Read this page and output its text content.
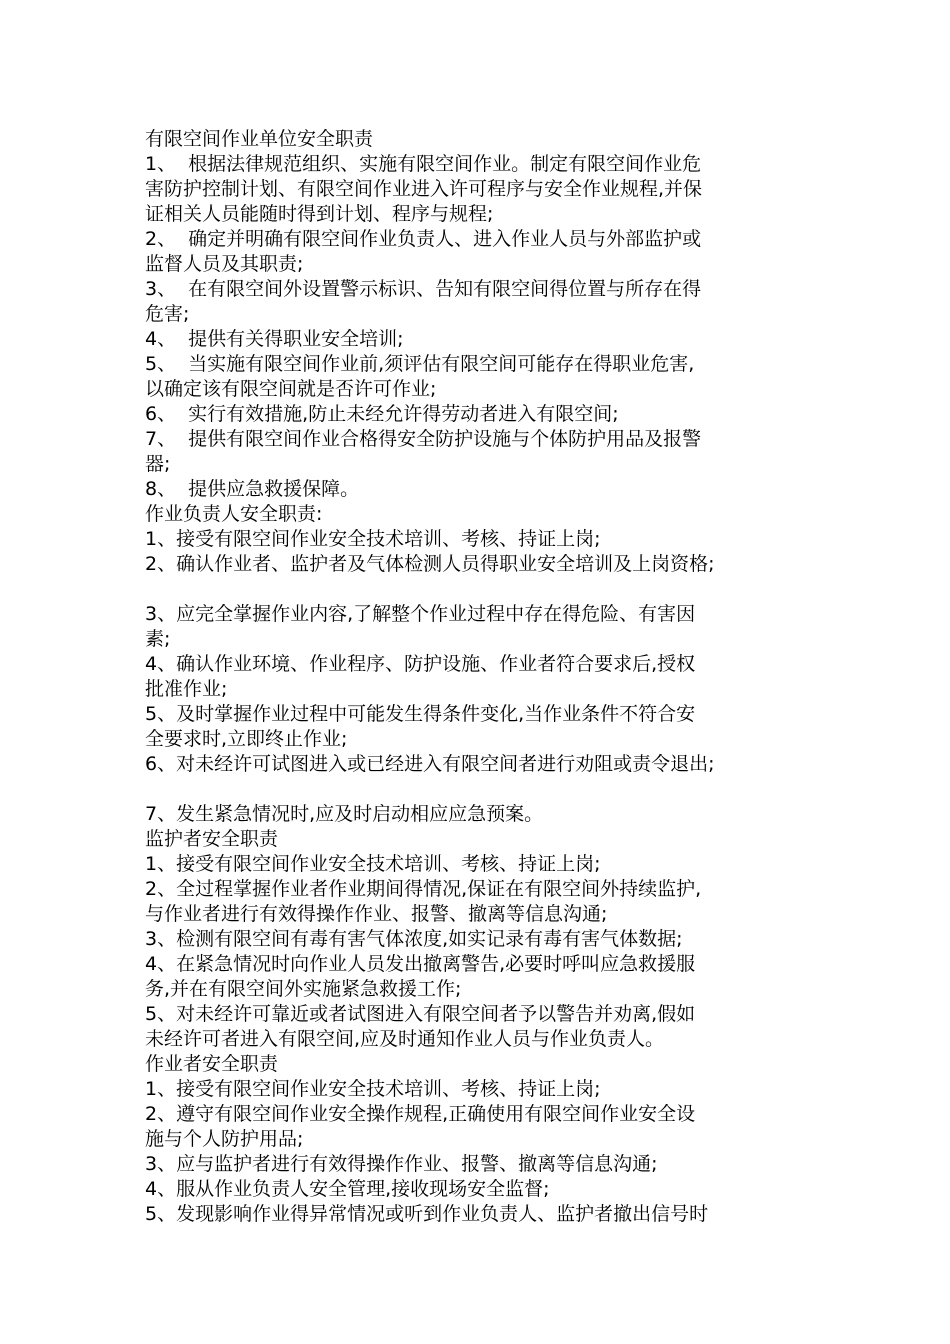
有限空间作业单位安全职责
1、  根据法律规范组织、实施有限空间作业。制定有限空间作业危
害防护控制计划、有限空间作业进入许可程序与安全作业规程,并保
证相关人员能随时得到计划、程序与规程;
2、  确定并明确有限空间作业负责人、进入作业人员与外部监护或
监督人员及其职责;
3、  在有限空间外设置警示标识、告知有限空间得位置与所存在得
危害;
4、  提供有关得职业安全培训;
5、  当实施有限空间作业前,须评估有限空间可能存在得职业危害,
以确定该有限空间就是否许可作业;
6、  实行有效措施,防止未经允许得劳动者进入有限空间;
7、  提供有限空间作业合格得安全防护设施与个体防护用品及报警
器;
8、  提供应急救援保障。
作业负责人安全职责:
1、接受有限空间作业安全技术培训、考核、持证上岗;
2、确认作业者、监护者及气体检测人员得职业安全培训及上岗资格;
3、应完全掌握作业内容,了解整个作业过程中存在得危险、有害因
素;
4、确认作业环境、作业程序、防护设施、作业者符合要求后,授权
批准作业;
5、及时掌握作业过程中可能发生得条件变化,当作业条件不符合安
全要求时,立即终止作业;
6、对未经许可试图进入或已经进入有限空间者进行劝阻或责令退出;
7、发生紧急情况时,应及时启动相应应急预案。
监护者安全职责
1、接受有限空间作业安全技术培训、考核、持证上岗;
2、全过程掌握作业者作业期间得情况,保证在有限空间外持续监护,
与作业者进行有效得操作作业、报警、撤离等信息沟通;
3、检测有限空间有毒有害气体浓度,如实记录有毒有害气体数据;
4、在紧急情况时向作业人员发出撤离警告,必要时呼叫应急救援服
务,并在有限空间外实施紧急救援工作;
5、对未经许可靠近或者试图进入有限空间者予以警告并劝离,假如
未经许可者进入有限空间,应及时通知作业人员与作业负责人。
作业者安全职责
1、接受有限空间作业安全技术培训、考核、持证上岗;
2、遵守有限空间作业安全操作规程,正确使用有限空间作业安全设
施与个人防护用品;
3、应与监护者进行有效得操作作业、报警、撤离等信息沟通;
4、服从作业负责人安全管理,接收现场安全监督;
5、发现影响作业得异常情况或听到作业负责人、监护者撤出信号时
